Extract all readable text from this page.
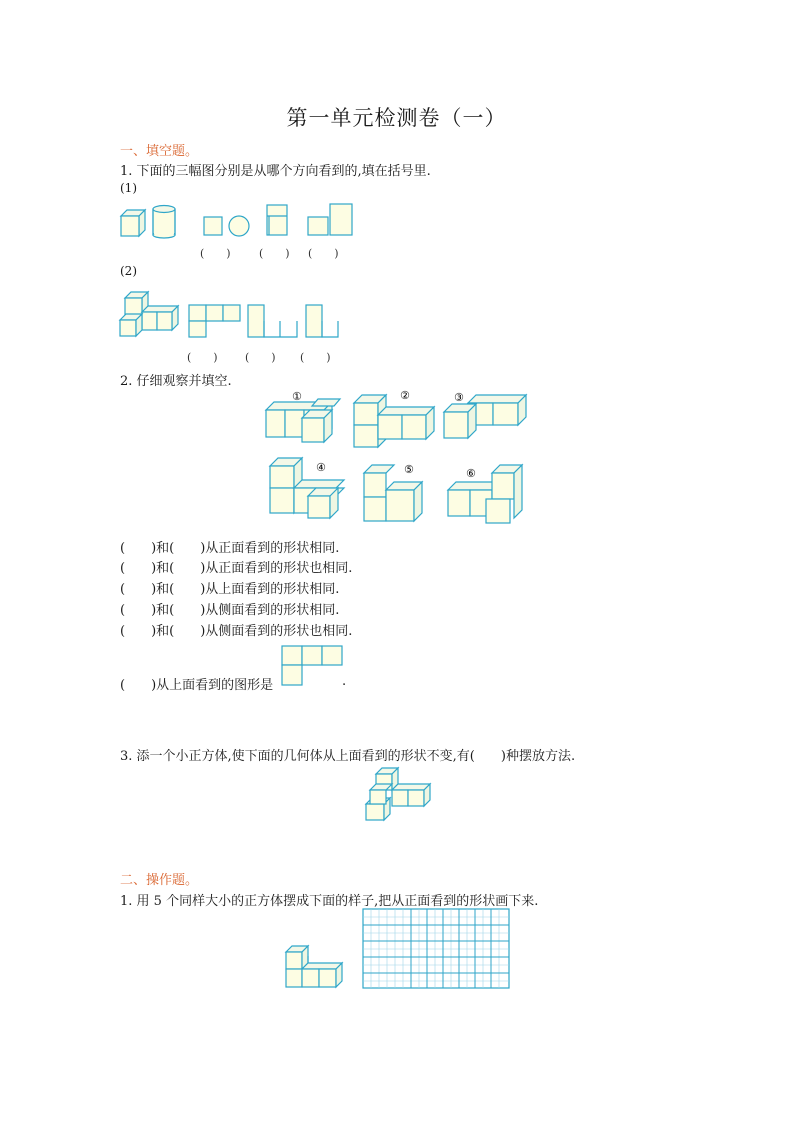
第一单元检测卷（一）
一、填空题。
1. 下面的三幅图分别是从哪个方向看到的,填在括号里.
(1)
(　　)	(　　) (　　)
(2)
(　　) (　　) (　　)
2. 仔细观察并填空.
①	②	③
④	⑤	⑥
(　　)和(　　)从正面看到的形状相同.
(　　)和(　　)从正面看到的形状也相同.
(　　)和(　　)从上面看到的形状相同.
(　　)和(　　)从侧面看到的形状相同.
(　　)和(　　)从侧面看到的形状也相同.
(　　)从上面看到的图形是	.
3. 添一个小正方体,使下面的几何体从上面看到的形状不变,有(　　)种摆放方法.
二、操作题。
1. 用 5 个同样大小的正方体摆成下面的样子,把从正面看到的形状画下来.
